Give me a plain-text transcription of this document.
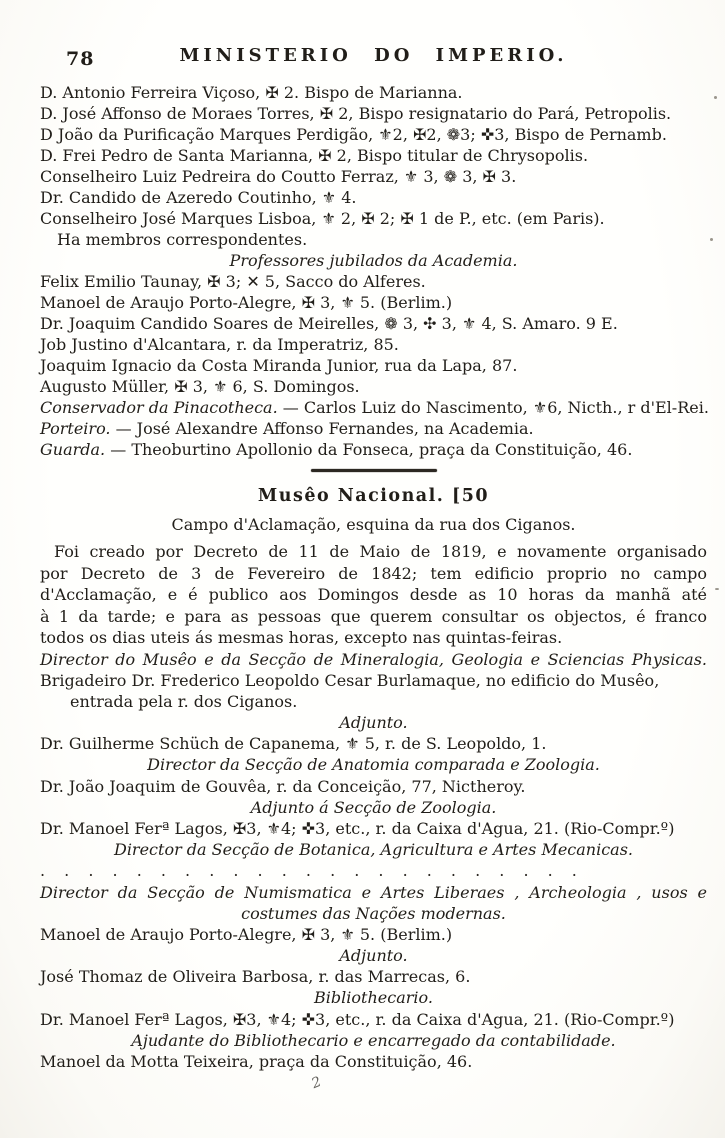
78	MINISTERIO DO IMPERIO.
D. Antonio Ferreira Viçoso, ✠ 2. Bispo de Marianna.
D. José Affonso de Moraes Torres, ✠ 2, Bispo resignatario do Pará, Petropolis.
D João da Purificação Marques Perdigão, ⚜2, ✠2, ❁3; ✜3, Bispo de Pernamb.
D. Frei Pedro de Santa Marianna, ✠ 2, Bispo titular de Chrysopolis.
Conselheiro Luiz Pedreira do Coutto Ferraz, ⚜ 3, ❁ 3, ✠ 3.
Dr. Candido de Azeredo Coutinho, ⚜ 4.
Conselheiro José Marques Lisboa, ⚜ 2, ✠ 2; ✠ 1 de P., etc. (em Paris).
Ha membros correspondentes.
Professores jubilados da Academia.
Felix Emilio Taunay, ✠ 3; ✕ 5, Sacco do Alferes.
Manoel de Araujo Porto-Alegre, ✠ 3, ⚜ 5. (Berlim.)
Dr. Joaquim Candido Soares de Meirelles, ❁ 3, ✣ 3, ⚜ 4, S. Amaro. 9 E.
Job Justino d'Alcantara, r. da Imperatriz, 85.
Joaquim Ignacio da Costa Miranda Junior, rua da Lapa, 87.
Augusto Müller, ✠ 3, ⚜ 6, S. Domingos.
Conservador da Pinacotheca. — Carlos Luiz do Nascimento, ⚜6, Nicth., r d'El-Rei.
Porteiro. — José Alexandre Affonso Fernandes, na Academia.
Guarda. — Theoburtino Apollonio da Fonseca, praça da Constituição, 46.
Musêo Nacional. [50
Campo d'Aclamação, esquina da rua dos Ciganos.
Foi creado por Decreto de 11 de Maio de 1819, e novamente organisado
por Decreto de 3 de Fevereiro de 1842; tem edificio proprio no campo
d'Acclamação, e é publico aos Domingos desde as 10 horas da manhã até
à 1 da tarde; e para as pessoas que querem consultar os objectos, é franco
todos os dias uteis ás mesmas horas, excepto nas quintas-feiras.
Director do Musêo e da Secção de Mineralogia, Geologia e Sciencias Physicas.
Brigadeiro Dr. Frederico Leopoldo Cesar Burlamaque, no edificio do Musêo,
entrada pela r. dos Ciganos.
Adjunto.
Dr. Guilherme Schüch de Capanema, ⚜ 5, r. de S. Leopoldo, 1.
Director da Secção de Anatomia comparada e Zoologia.
Dr. João Joaquim de Gouvêa, r. da Conceição, 77, Nictheroy.
Adjunto á Secção de Zoologia.
Dr. Manoel Ferª Lagos, ✠3, ⚜4; ✜3, etc., r. da Caixa d'Agua, 21. (Rio-Compr.º)
Director da Secção de Botanica, Agricultura e Artes Mecanicas.
. . . . . . . . . . . . . . . . . . . . . . .
Director da Secção de Numismatica e Artes Liberaes , Archeologia , usos e
costumes das Nações modernas.
Manoel de Araujo Porto-Alegre, ✠ 3, ⚜ 5. (Berlim.)
Adjunto.
José Thomaz de Oliveira Barbosa, r. das Marrecas, 6.
Bibliothecario.
Dr. Manoel Ferª Lagos, ✠3, ⚜4; ✜3, etc., r. da Caixa d'Agua, 21. (Rio-Compr.º)
Ajudante do Bibliothecario e encarregado da contabilidade.
Manoel da Motta Teixeira, praça da Constituição, 46.
2
